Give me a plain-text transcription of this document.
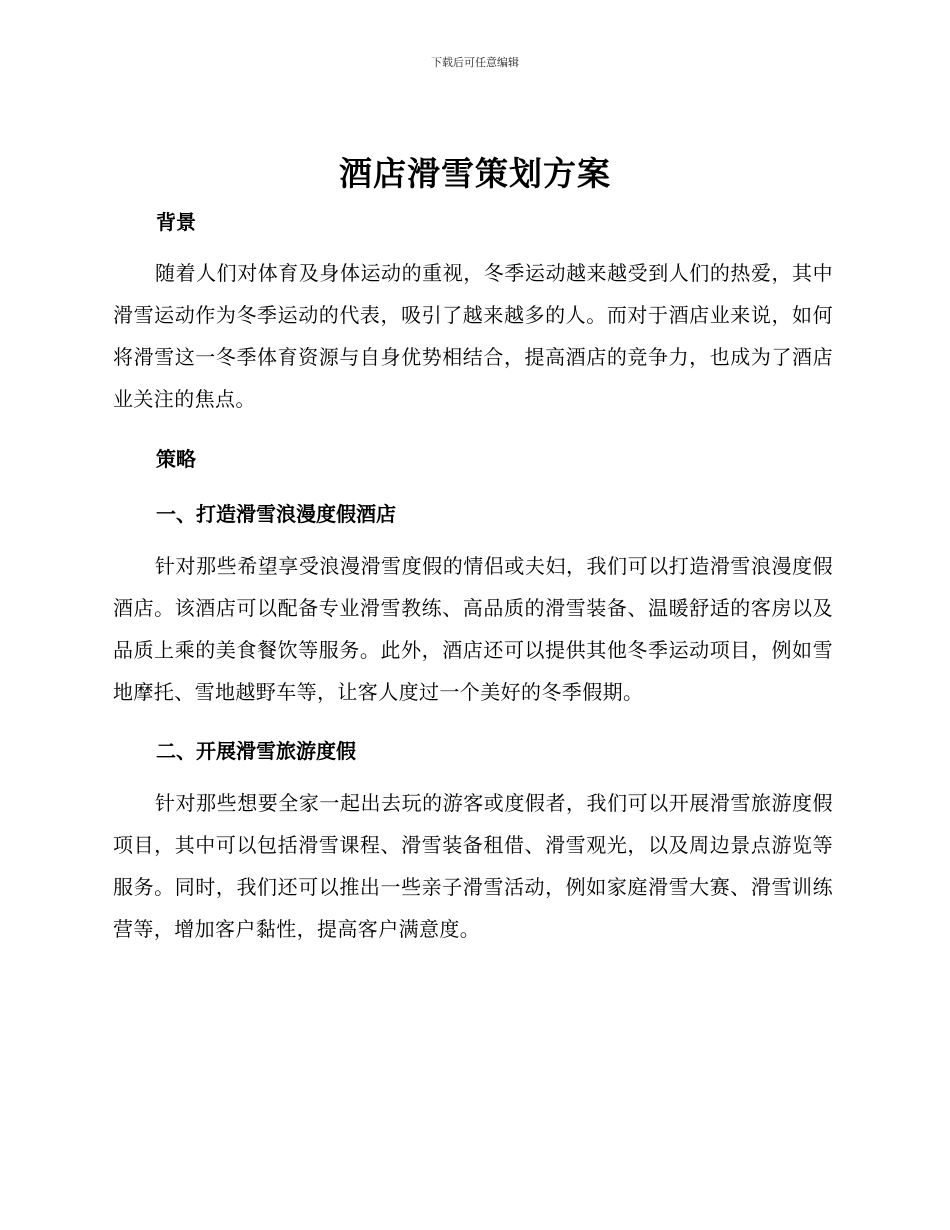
下载后可任意编辑
酒店滑雪策划方案
背景

随着人们对体育及身体运动的重视，冬季运动越来越受到人们的热爱，其中滑雪运动作为冬季运动的代表，吸引了越来越多的人。而对于酒店业来说，如何将滑雪这一冬季体育资源与自身优势相结合，提高酒店的竞争力，也成为了酒店业关注的焦点。

策略
一、打造滑雪浪漫度假酒店

针对那些希望享受浪漫滑雪度假的情侣或夫妇，我们可以打造滑雪浪漫度假酒店。该酒店可以配备专业滑雪教练、高品质的滑雪装备、温暖舒适的客房以及品质上乘的美食餐饮等服务。此外，酒店还可以提供其他冬季运动项目，例如雪地摩托、雪地越野车等，让客人度过一个美好的冬季假期。

二、开展滑雪旅游度假

针对那些想要全家一起出去玩的游客或度假者，我们可以开展滑雪旅游度假项目，其中可以包括滑雪课程、滑雪装备租借、滑雪观光，以及周边景点游览等服务。同时，我们还可以推出一些亲子滑雪活动，例如家庭滑雪大赛、滑雪训练营等，增加客户黏性，提高客户满意度。
